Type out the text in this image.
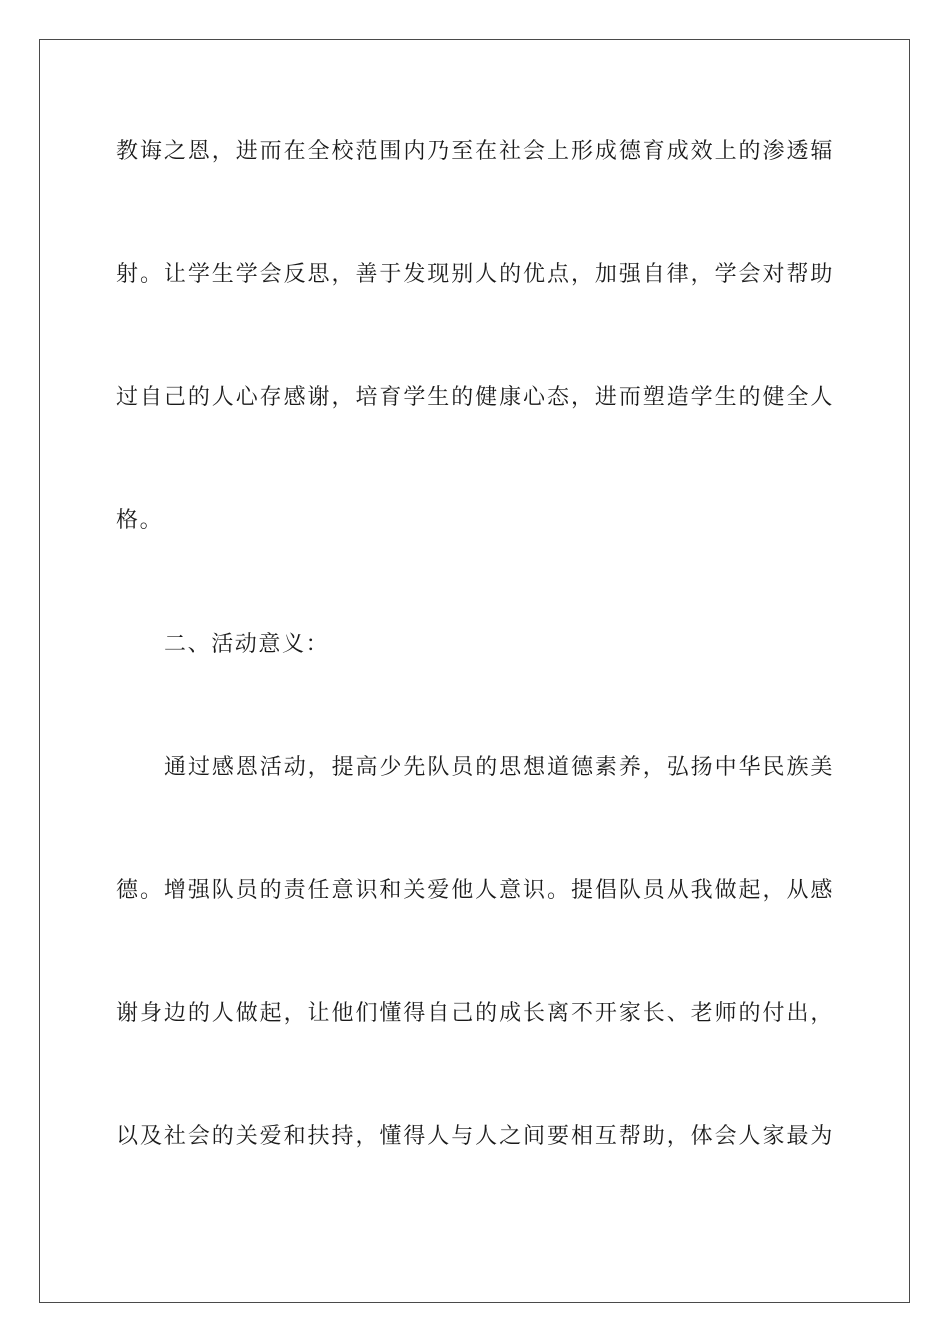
教诲之恩，进而在全校范围内乃至在社会上形成德育成效上的渗透辐
射。让学生学会反思，善于发现别人的优点，加强自律，学会对帮助
过自己的人心存感谢，培育学生的健康心态，进而塑造学生的健全人
格。
二、活动意义：
通过感恩活动，提高少先队员的思想道德素养，弘扬中华民族美
德。增强队员的责任意识和关爱他人意识。提倡队员从我做起，从感
谢身边的人做起，让他们懂得自己的成长离不开家长、老师的付出，
以及社会的关爱和扶持，懂得人与人之间要相互帮助，体会人家最为
